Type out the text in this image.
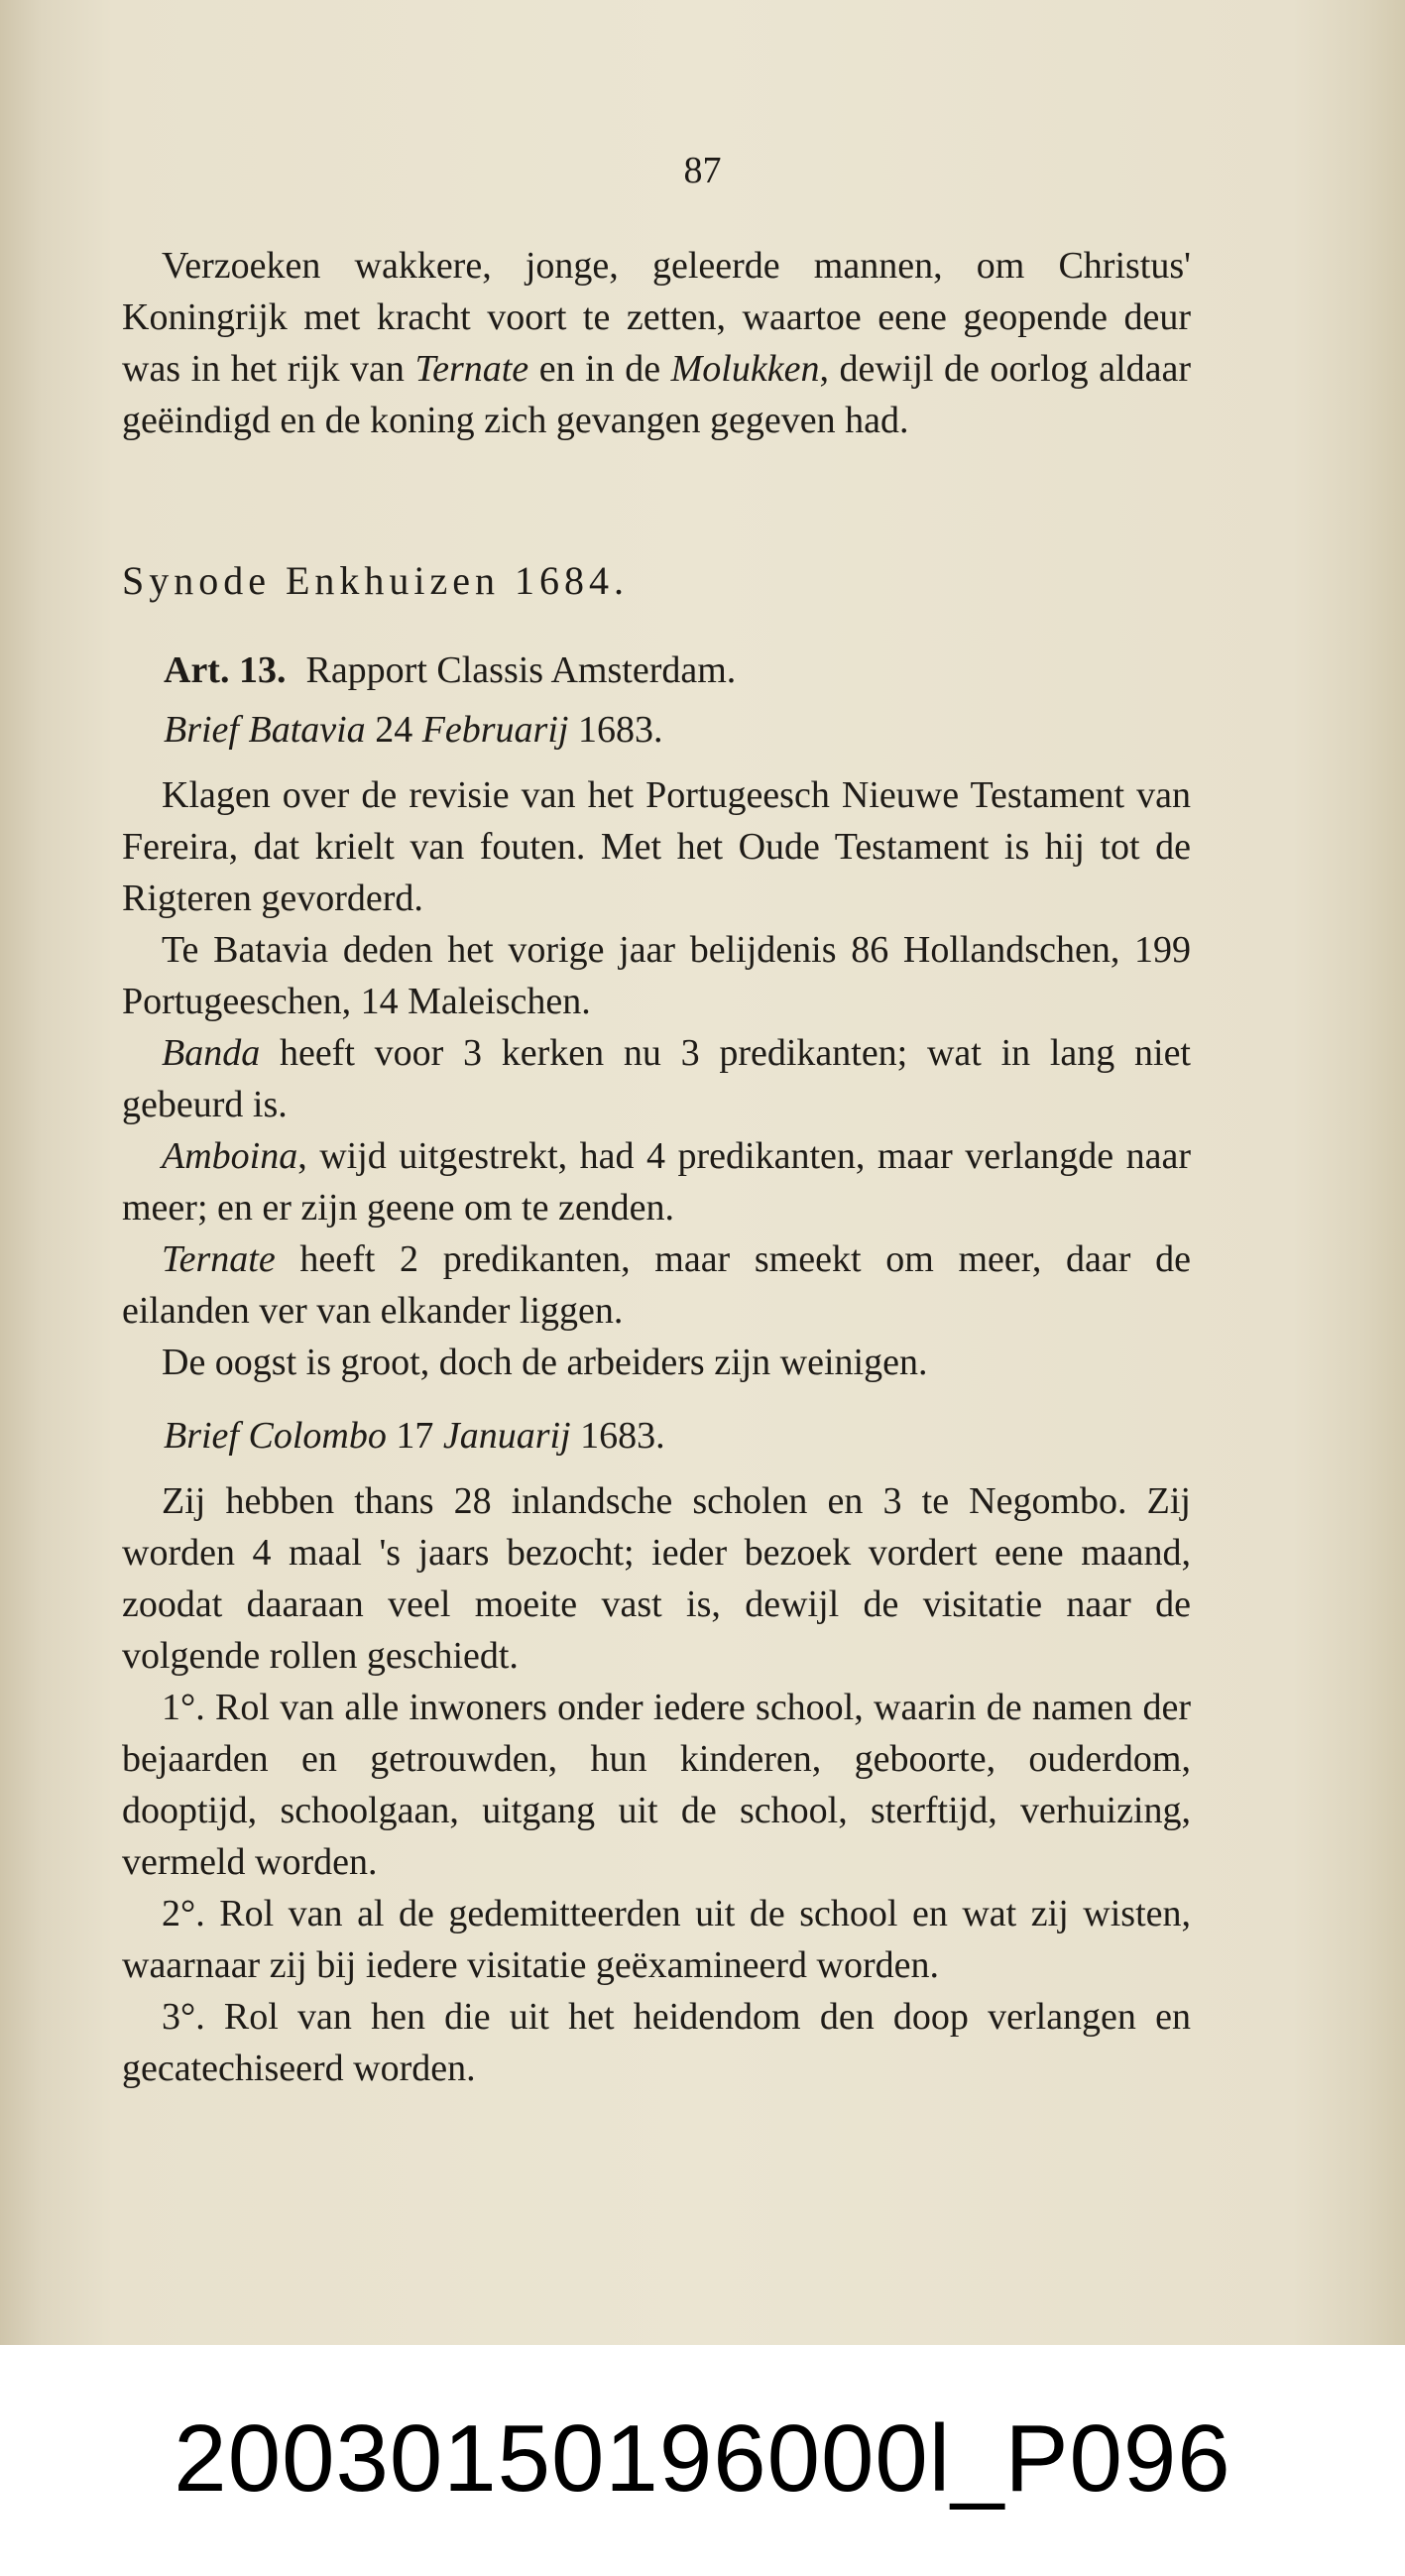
87

Verzoeken wakkere, jonge, geleerde mannen, om Christus' Koningrijk met kracht voort te zetten, waartoe eene geopende deur was in het rijk van Ternate en in de Molukken, dewijl de oorlog aldaar geëindigd en de koning zich gevangen gegeven had.

Synode Enkhuizen 1684.

Art. 13. Rapport Classis Amsterdam.

Brief Batavia 24 Februarij 1683.

Klagen over de revisie van het Portugeesch Nieuwe Testament van Fereira, dat krielt van fouten. Met het Oude Testament is hij tot de Rigteren gevorderd.

Te Batavia deden het vorige jaar belijdenis 86 Hollandschen, 199 Portugeeschen, 14 Maleischen.

Banda heeft voor 3 kerken nu 3 predikanten; wat in lang niet gebeurd is.

Amboina, wijd uitgestrekt, had 4 predikanten, maar verlangde naar meer; en er zijn geene om te zenden.

Ternate heeft 2 predikanten, maar smeekt om meer, daar de eilanden ver van elkander liggen.

De oogst is groot, doch de arbeiders zijn weinigen.

Brief Colombo 17 Januarij 1683.

Zij hebben thans 28 inlandsche scholen en 3 te Negombo. Zij worden 4 maal 's jaars bezocht; ieder bezoek vordert eene maand, zoodat daaraan veel moeite vast is, dewijl de visitatie naar de volgende rollen geschiedt.

1°. Rol van alle inwoners onder iedere school, waarin de namen der bejaarden en getrouwden, hun kinderen, geboorte, ouderdom, dooptijd, schoolgaan, uitgang uit de school, sterftijd, verhuizing, vermeld worden.

2°. Rol van al de gedemitteerden uit de school en wat zij wisten, waarnaar zij bij iedere visitatie geëxamineerd worden.

3°. Rol van hen die uit het heidendom den doop verlangen en gecatechiseerd worden.

20030150196000l_P096
